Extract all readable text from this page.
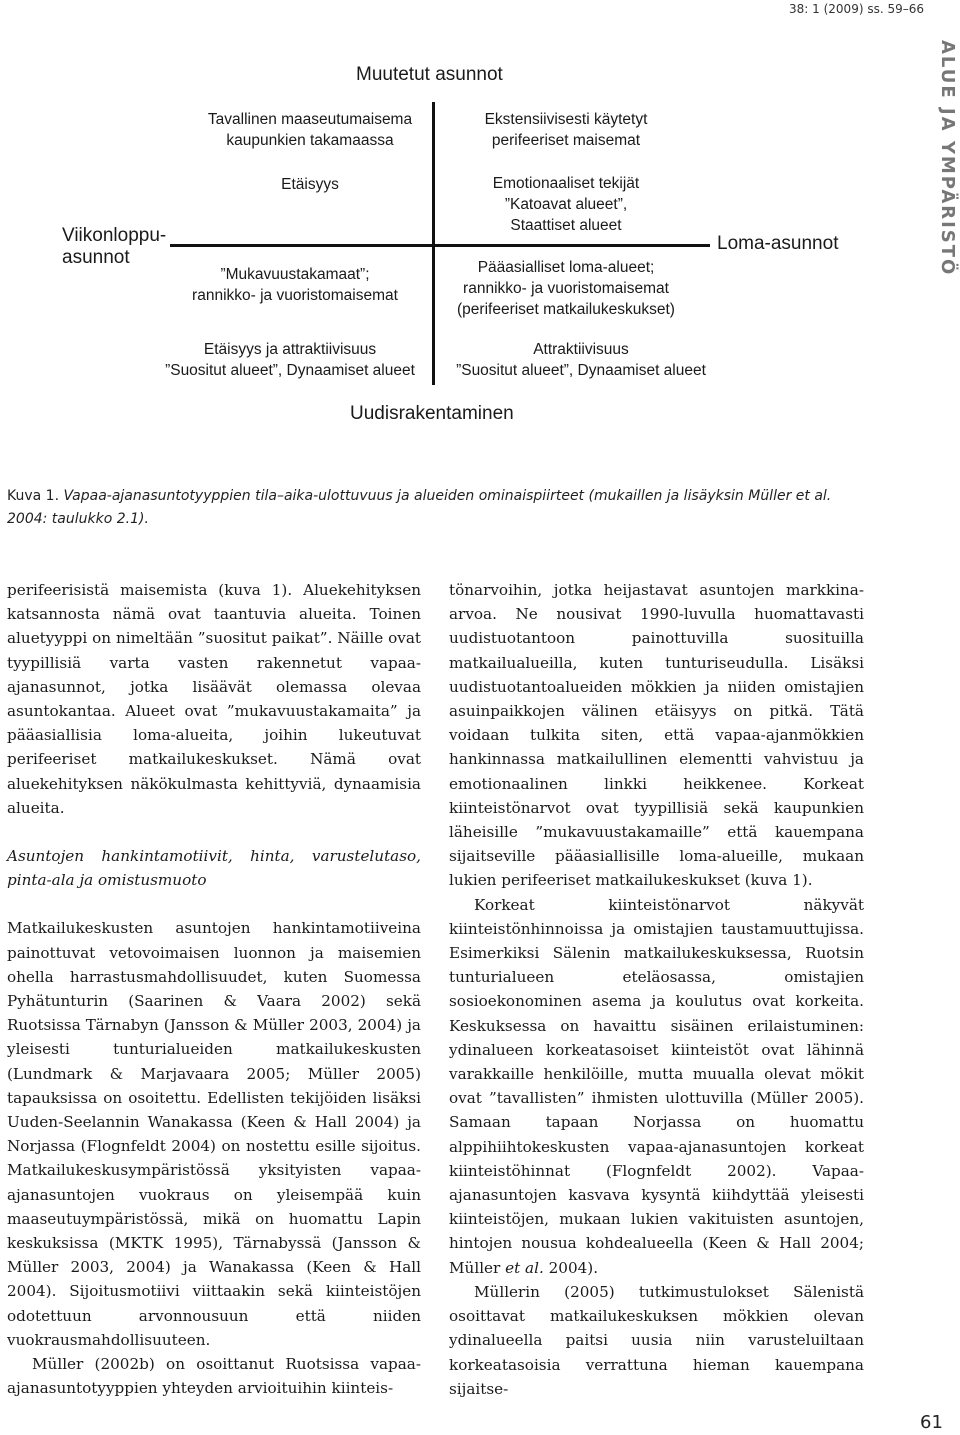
38: 1 (2009) ss. 59–66
ALUE JA YMPÄRISTÖ
Muutetut asunnot
Uudisrakentaminen
Viikonloppu-asunnot
Loma-asunnot
Tavallinen maaseutumaisema
kaupunkien takamaassa
Etäisyys
”Mukavuustakamaat”;
rannikko- ja vuoristomaisemat
Etäisyys ja attraktiivisuus
”Suositut alueet”, Dynaamiset alueet
Ekstensiivisesti käytetyt
perifeeriset maisemat
Emotionaaliset tekijät
”Katoavat alueet”,
Staattiset alueet
Pääasialliset loma-alueet;
rannikko- ja vuoristomaisemat
(perifeeriset matkailukeskukset)
Attraktiivisuus
”Suositut alueet”, Dynaamiset alueet
Kuva 1. Vapaa-ajanasuntotyyppien tila–aika-ulottuvuus ja alueiden ominaispiirteet (mukaillen ja lisäyksin Müller et al. 2004: taulukko 2.1).

perifeerisistä maisemista (kuva 1). Aluekehityksen katsannosta nämä ovat taantuvia alueita. Toinen aluetyyppi on nimeltään ”suositut paikat”. Näille ovat tyypillisiä varta vasten rakennetut vapaa-ajanasunnot, jotka lisäävät olemassa olevaa asuntokantaa. Alueet ovat ”mukavuustakamaita” ja pääasiallisia loma-alueita, joihin lukeutuvat perifeeriset matkailukeskukset. Nämä ovat aluekehityksen näkökulmasta kehittyviä, dynaamisia alueita.

Asuntojen hankintamotiivit, hinta, varustelutaso, pinta-ala ja omistusmuoto

Matkailukeskusten asuntojen hankintamotiiveina painottuvat vetovoimaisen luonnon ja maisemien ohella harrastusmahdollisuudet, kuten Suomessa Pyhätunturin (Saarinen & Vaara 2002) sekä Ruotsissa Tärnabyn (Jansson & Müller 2003, 2004) ja yleisesti tunturialueiden matkailukeskusten (Lundmark & Marjavaara 2005; Müller 2005) tapauksissa on osoitettu. Edellisten tekijöiden lisäksi Uuden-Seelannin Wanakassa (Keen & Hall 2004) ja Norjassa (Flognfeldt 2004) on nostettu esille sijoitus. Matkailukeskusympäristössä yksityisten vapaa-ajanasuntojen vuokraus on yleisempää kuin maaseutuympäristössä, mikä on huomattu Lapin keskuksissa (MKTK 1995), Tärnabyssä (Jansson & Müller 2003, 2004) ja Wanakassa (Keen & Hall 2004). Sijoitusmotiivi viittaakin sekä kiinteistöjen odotettuun arvonnousuun että niiden vuokrausmahdollisuuteen.

Müller (2002b) on osoittanut Ruotsissa vapaa-ajanasuntotyyppien yhteyden arvioituihin kiinteis-

tönarvoihin, jotka heijastavat asuntojen markkina-arvoa. Ne nousivat 1990-luvulla huomattavasti uudistuotantoon painottuvilla suosituilla matkailualueilla, kuten tunturiseudulla. Lisäksi uudistuotantoalueiden mökkien ja niiden omistajien asuinpaikkojen välinen etäisyys on pitkä. Tätä voidaan tulkita siten, että vapaa-ajanmökkien hankinnassa matkailullinen elementti vahvistuu ja emotionaalinen linkki heikkenee. Korkeat kiinteistönarvot ovat tyypillisiä sekä kaupunkien läheisille ”mukavuustakamaille” että kauempana sijaitseville pääasiallisille loma-alueille, mukaan lukien perifeeriset matkailukeskukset (kuva 1).

Korkeat kiinteistönarvot näkyvät kiinteistönhinnoissa ja omistajien taustamuuttujissa. Esimerkiksi Sälenin matkailukeskuksessa, Ruotsin tunturialueen eteläosassa, omistajien sosioekonominen asema ja koulutus ovat korkeita. Keskuksessa on havaittu sisäinen erilaistuminen: ydinalueen korkeatasoiset kiinteistöt ovat lähinnä varakkaille henkilöille, mutta muualla olevat mökit ovat ”tavallisten” ihmisten ulottuvilla (Müller 2005). Samaan tapaan Norjassa on huomattu alppihiihtokeskusten vapaa-ajanasuntojen korkeat kiinteistöhinnat (Flognfeldt 2002). Vapaa-ajanasuntojen kasvava kysyntä kiihdyttää yleisesti kiinteistöjen, mukaan lukien vakituisten asuntojen, hintojen nousua kohdealueella (Keen & Hall 2004; Müller et al. 2004).

Müllerin (2005) tutkimustulokset Sälenistä osoittavat matkailukeskuksen mökkien olevan ydinalueella paitsi uusia niin varusteluiltaan korkeatasoisia verrattuna hieman kauempana sijaitse-

61
